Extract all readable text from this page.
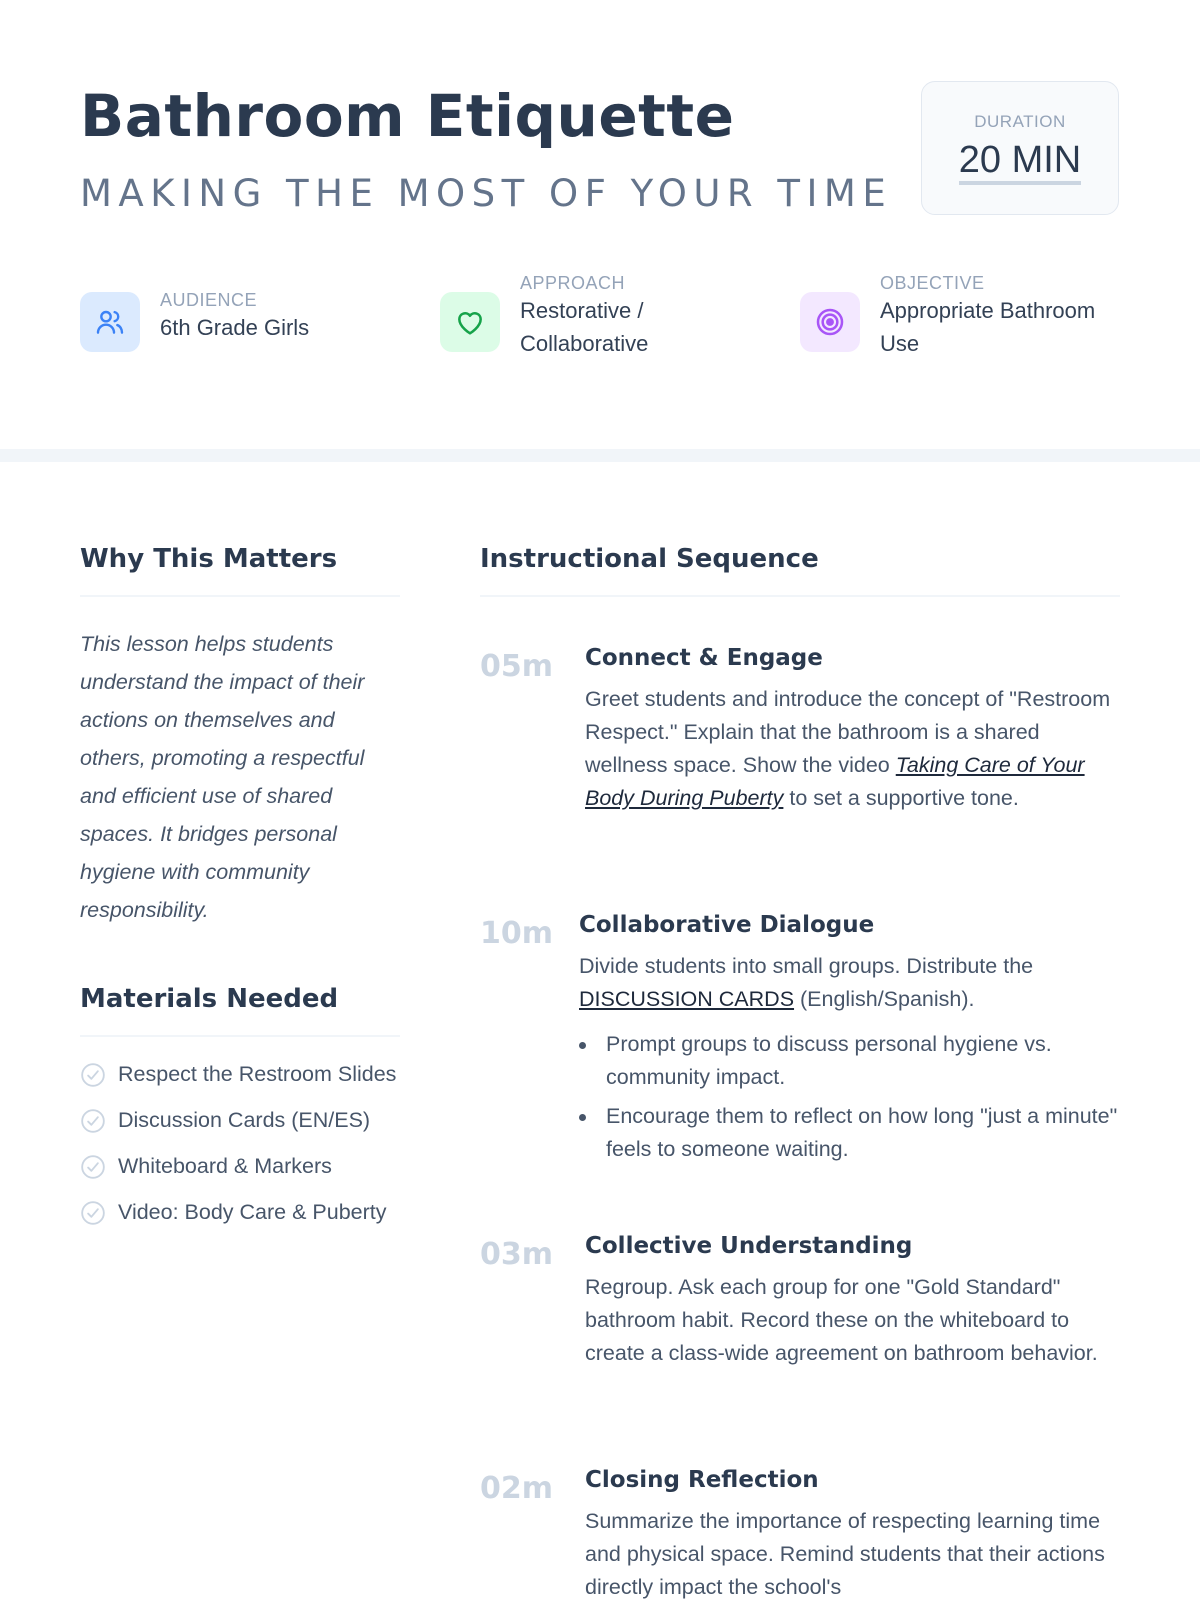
Bathroom Etiquette
MAKING THE MOST OF YOUR TIME
DURATION
20 MIN
AUDIENCE
6th Grade Girls
APPROACH
Restorative / Collaborative
OBJECTIVE
Appropriate Bathroom Use
Why This Matters

This lesson helps students understand the impact of their actions on themselves and others, promoting a respectful and efficient use of shared spaces. It bridges personal hygiene with community responsibility.

Materials Needed
Respect the Restroom Slides
Discussion Cards (EN/ES)
Whiteboard & Markers
Video: Body Care & Puberty
Instructional Sequence
05m Connect & Engage

Greet students and introduce the concept of "Restroom Respect." Explain that the bathroom is a shared wellness space. Show the video Taking Care of Your Body During Puberty to set a supportive tone.

10m Collaborative Dialogue

Divide students into small groups. Distribute the DISCUSSION CARDS (English/Spanish).

Prompt groups to discuss personal hygiene vs. community impact.
Encourage them to reflect on how long "just a minute" feels to someone waiting.
03m Collective Understanding

Regroup. Ask each group for one "Gold Standard" bathroom habit. Record these on the whiteboard to create a class-wide agreement on bathroom behavior.

02m Closing Reflection

Summarize the importance of respecting learning time and physical space. Remind students that their actions directly impact the school's
